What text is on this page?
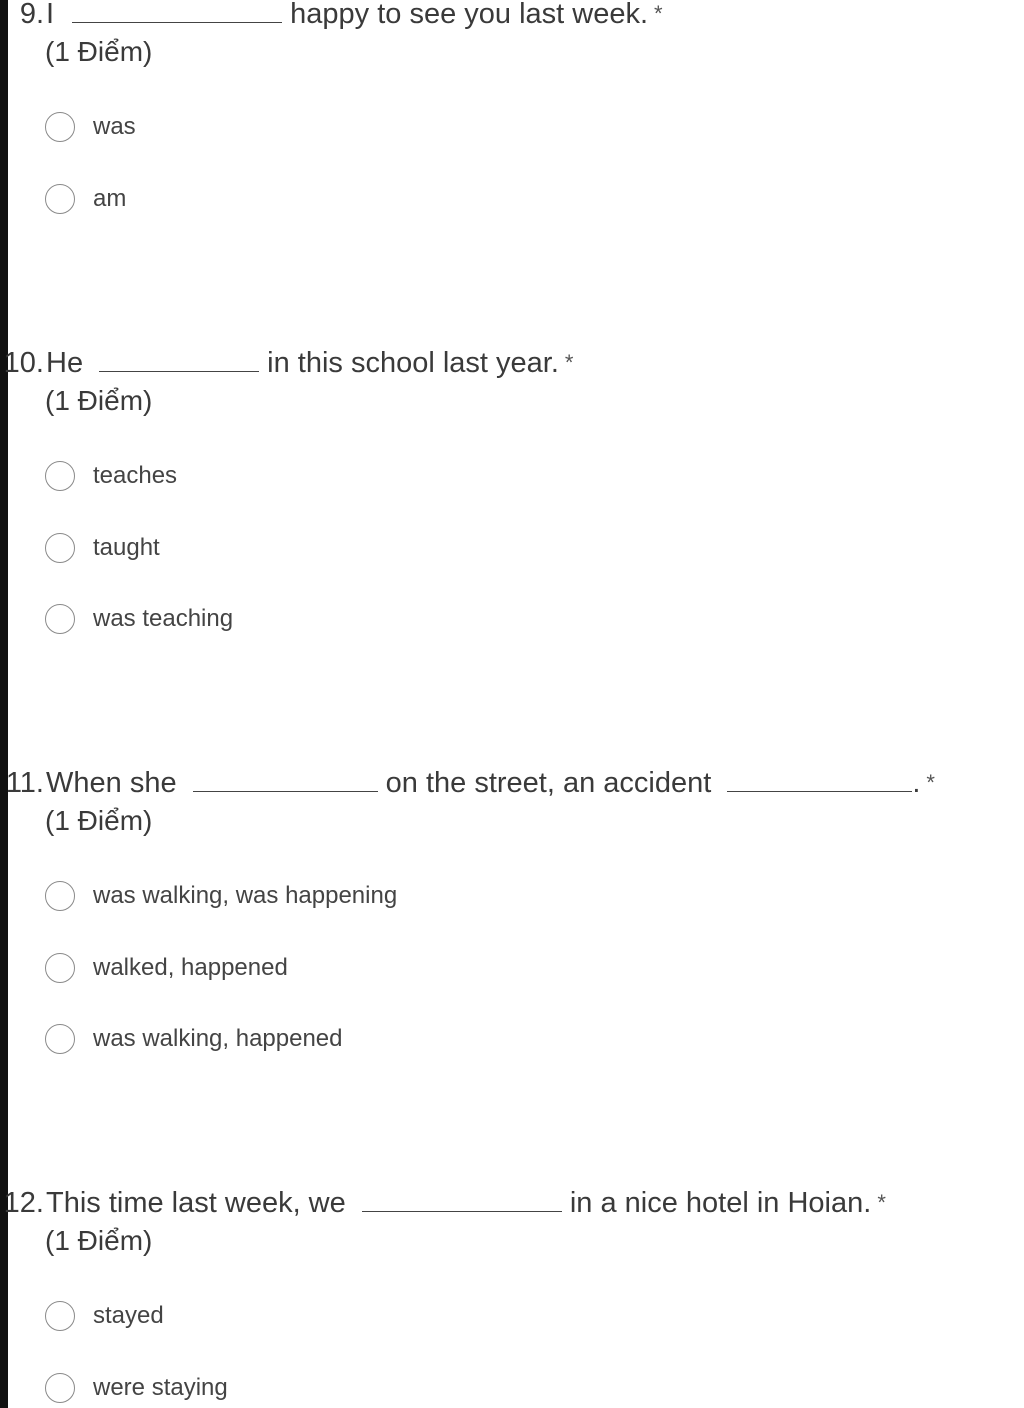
9.I	happy to see you last week. *
(1 Điểm)
was
am
10.He	in this school last year. *
(1 Điểm)
teaches
taught
was teaching
11.When she	on the street, an accident	. *
(1 Điểm)
was walking, was happening
walked, happened
was walking, happened
12.This time last week, we	in a nice hotel in Hoian. *
(1 Điểm)
stayed
were staying
